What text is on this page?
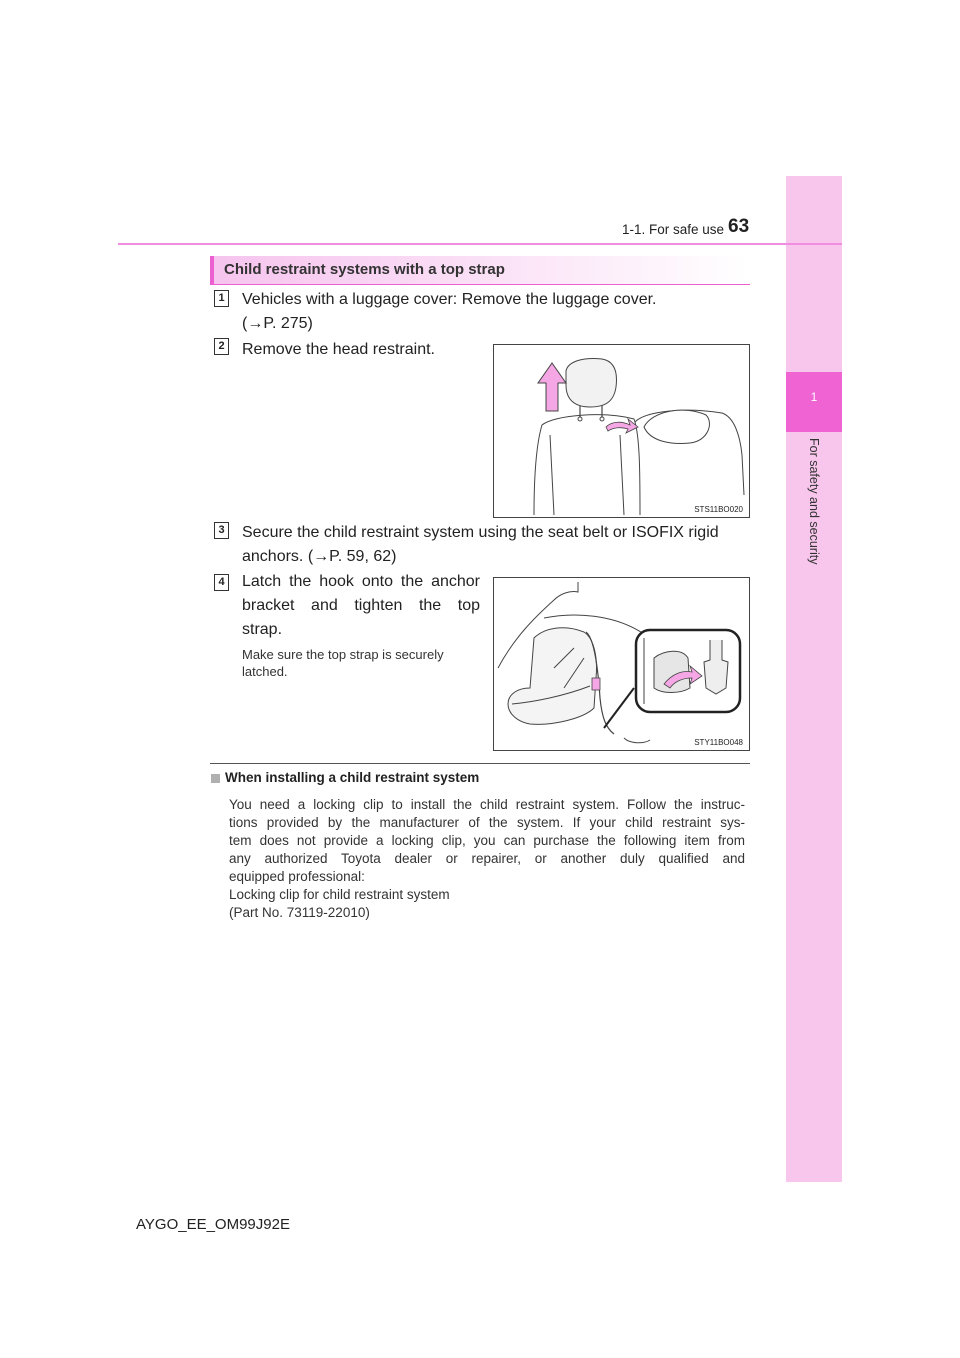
1
For safety and security
1-1. For safe use 63
Child restraint systems with a top strap
1 Vehicles with a luggage cover: Remove the luggage cover.
(→P. 275)
2 Remove the head restraint.
STS11BO020
3 Secure the child restraint system using the seat belt or ISOFIX rigid
anchors. (→P. 59, 62)
4 Latch the hook onto the anchor
bracket and tighten the top
strap.
Make sure the top strap is securely
latched.
STY11BO048
When installing a child restraint system
You need a locking clip to install the child restraint system. Follow the instruc-
tions provided by the manufacturer of the system. If your child restraint sys-
tem does not provide a locking clip, you can purchase the following item from
any authorized Toyota dealer or repairer, or another duly qualified and
equipped professional:
Locking clip for child restraint system
(Part No. 73119-22010)
AYGO_EE_OM99J92E
